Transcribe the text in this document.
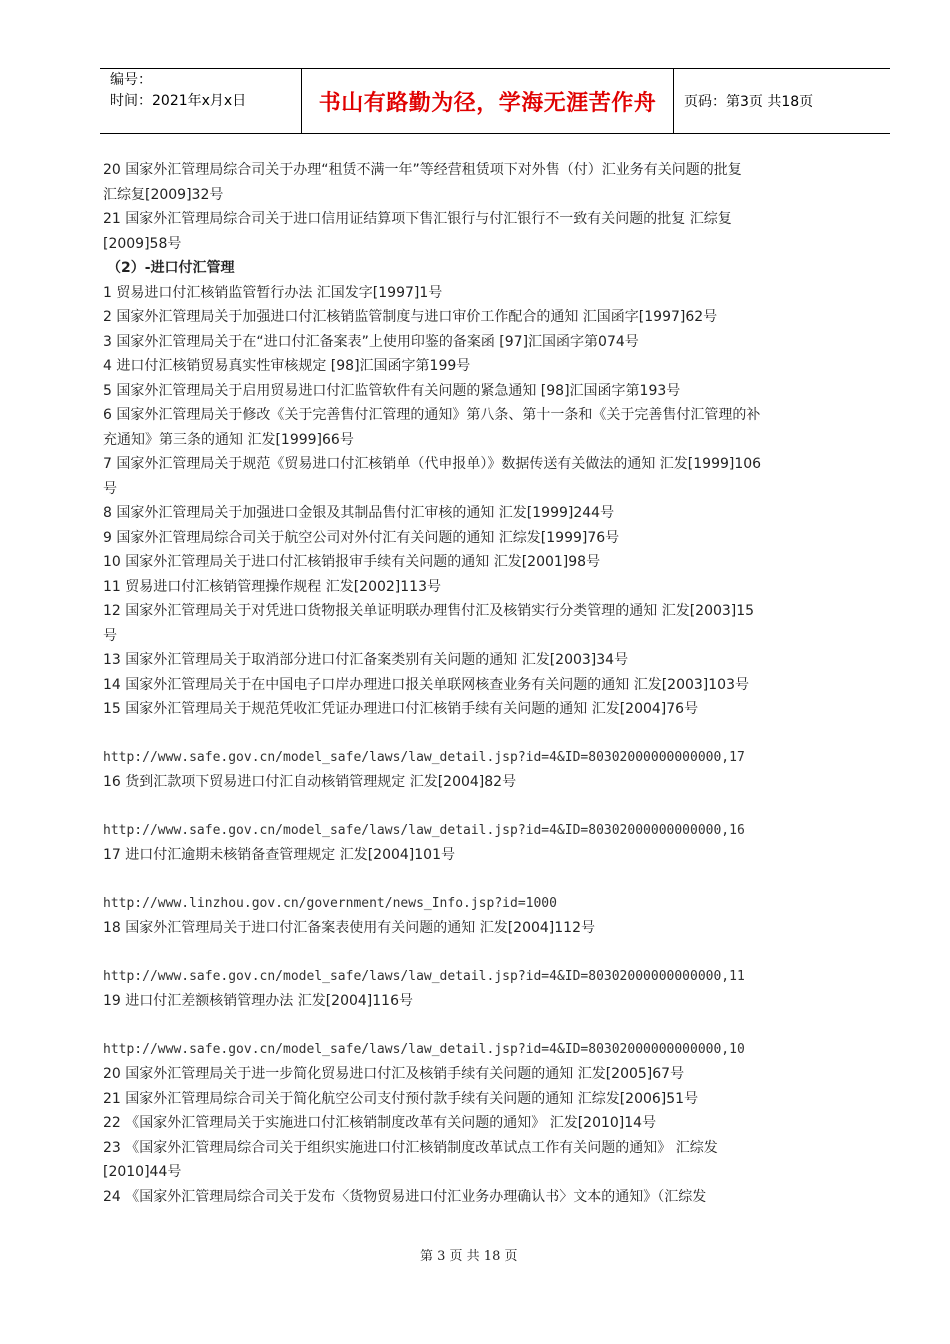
编号：
时间：2021年x月x日	书山有路勤为径，学海无涯苦作舟	页码：第3页 共18页
20 国家外汇管理局综合司关于办理“租赁不满一年”等经营租赁项下对外售（付）汇业务有关问题的批复
汇综复[2009]32号
21 国家外汇管理局综合司关于进口信用证结算项下售汇银行与付汇银行不一致有关问题的批复 汇综复
[2009]58号
（2）-进口付汇管理
1 贸易进口付汇核销监管暂行办法 汇国发字[1997]1号
2 国家外汇管理局关于加强进口付汇核销监管制度与进口审价工作配合的通知 汇国函字[1997]62号
3 国家外汇管理局关于在“进口付汇备案表”上使用印鉴的备案函 [97]汇国函字第074号
4 进口付汇核销贸易真实性审核规定 [98]汇国函字第199号
5 国家外汇管理局关于启用贸易进口付汇监管软件有关问题的紧急通知 [98]汇国函字第193号
6 国家外汇管理局关于修改《关于完善售付汇管理的通知》第八条、第十一条和《关于完善售付汇管理的补
充通知》第三条的通知 汇发[1999]66号
7 国家外汇管理局关于规范《贸易进口付汇核销单（代申报单）》数据传送有关做法的通知 汇发[1999]106
号
8 国家外汇管理局关于加强进口金银及其制品售付汇审核的通知 汇发[1999]244号
9 国家外汇管理局综合司关于航空公司对外付汇有关问题的通知 汇综发[1999]76号
10 国家外汇管理局关于进口付汇核销报审手续有关问题的通知 汇发[2001]98号
11 贸易进口付汇核销管理操作规程 汇发[2002]113号
12 国家外汇管理局关于对凭进口货物报关单证明联办理售付汇及核销实行分类管理的通知 汇发[2003]15
号
13 国家外汇管理局关于取消部分进口付汇备案类别有关问题的通知 汇发[2003]34号
14 国家外汇管理局关于在中国电子口岸办理进口报关单联网核查业务有关问题的通知 汇发[2003]103号
15 国家外汇管理局关于规范凭收汇凭证办理进口付汇核销手续有关问题的通知 汇发[2004]76号
http://www.safe.gov.cn/model_safe/laws/law_detail.jsp?id=4&ID=80302000000000000,17
16 货到汇款项下贸易进口付汇自动核销管理规定 汇发[2004]82号
http://www.safe.gov.cn/model_safe/laws/law_detail.jsp?id=4&ID=80302000000000000,16
17 进口付汇逾期未核销备查管理规定 汇发[2004]101号
http://www.linzhou.gov.cn/government/news_Info.jsp?id=1000
18 国家外汇管理局关于进口付汇备案表使用有关问题的通知 汇发[2004]112号
http://www.safe.gov.cn/model_safe/laws/law_detail.jsp?id=4&ID=80302000000000000,11
19 进口付汇差额核销管理办法 汇发[2004]116号
http://www.safe.gov.cn/model_safe/laws/law_detail.jsp?id=4&ID=80302000000000000,10
20 国家外汇管理局关于进一步简化贸易进口付汇及核销手续有关问题的通知 汇发[2005]67号
21 国家外汇管理局综合司关于简化航空公司支付预付款手续有关问题的通知 汇综发[2006]51号
22 《国家外汇管理局关于实施进口付汇核销制度改革有关问题的通知》 汇发[2010]14号
23 《国家外汇管理局综合司关于组织实施进口付汇核销制度改革试点工作有关问题的通知》 汇综发
[2010]44号
24 《国家外汇管理局综合司关于发布〈货物贸易进口付汇业务办理确认书〉文本的通知》（汇综发
第 3 页 共 18 页
